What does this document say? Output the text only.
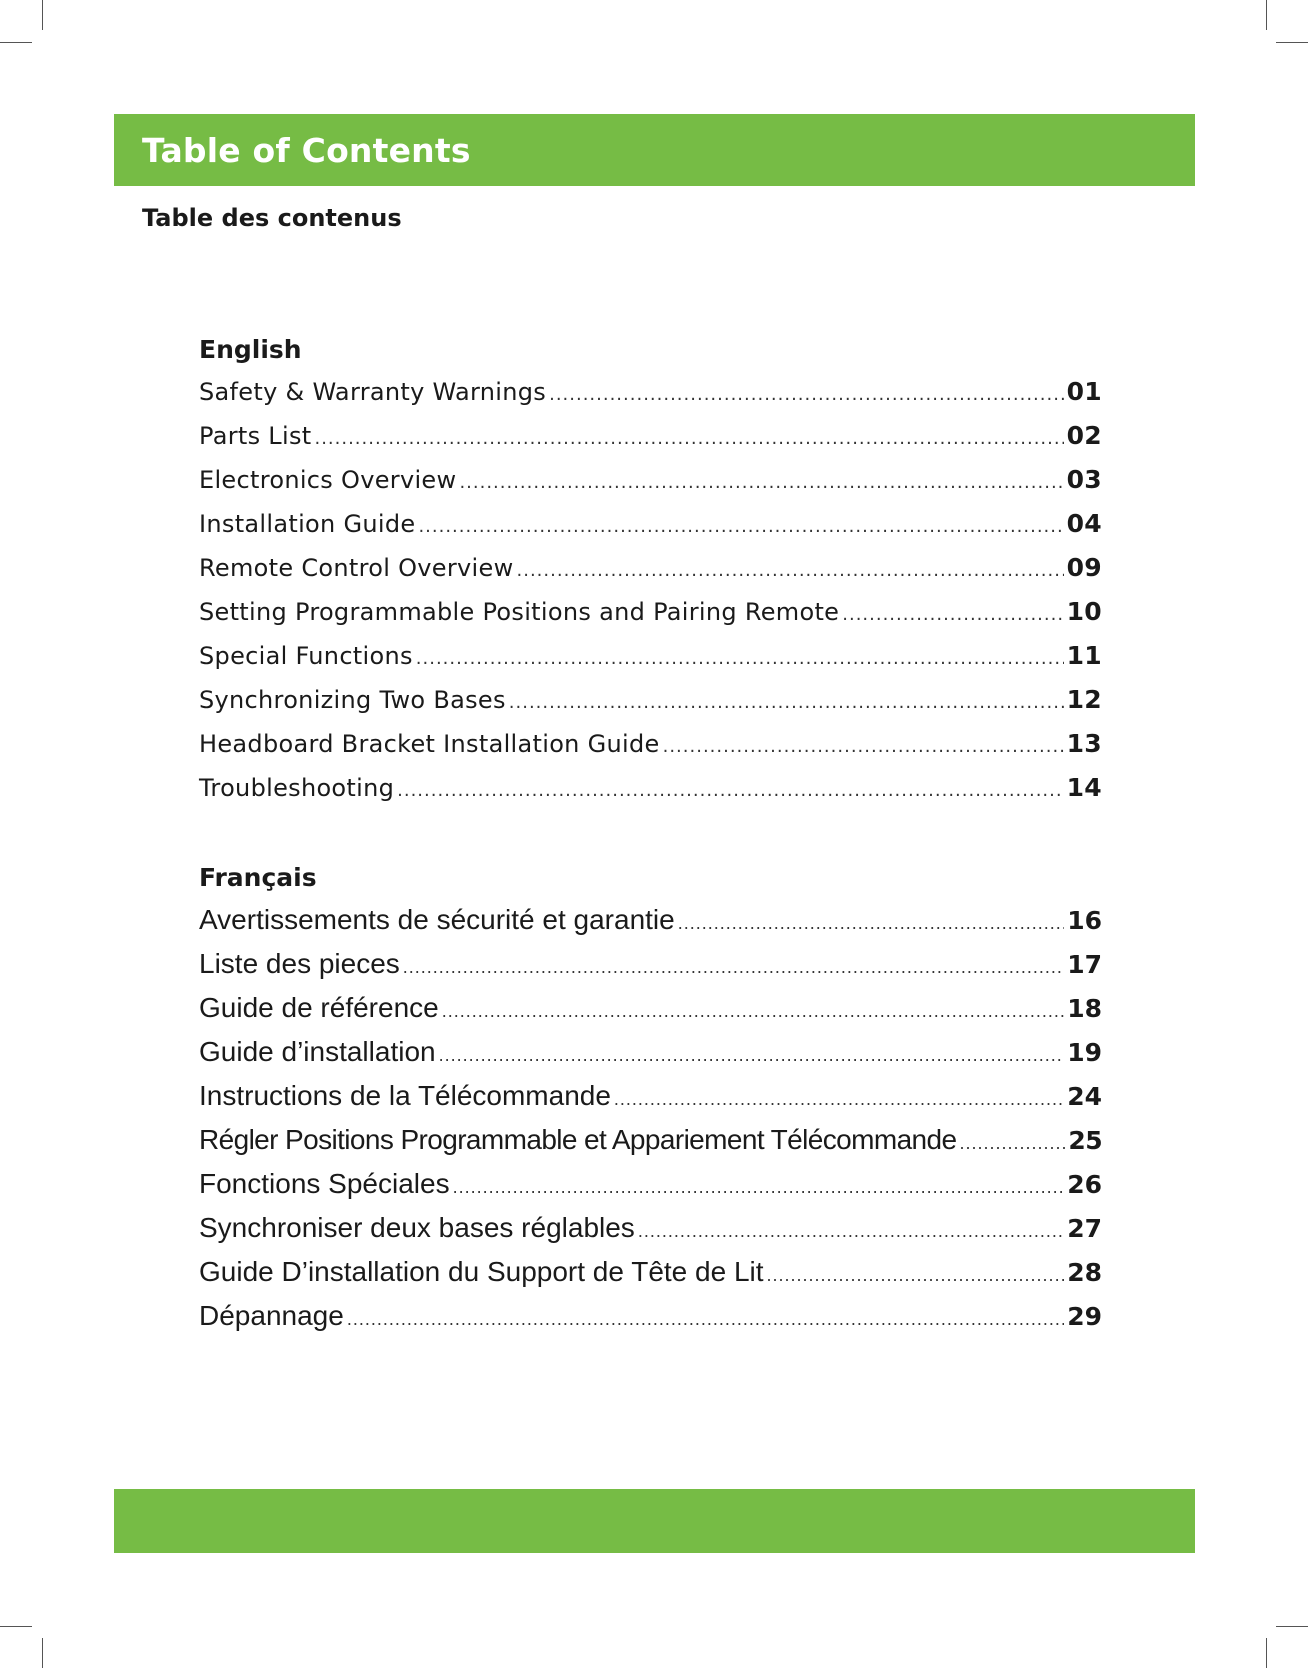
Table of Contents
Table des contenus
English
Safety & Warranty Warnings .....	01
Parts List .....	02
Electronics Overview .....	03
Installation Guide .....	04
Remote Control Overview .....	09
Setting Programmable Positions and Pairing Remote .....	10
Special Functions .....	11
Synchronizing Two Bases .....	12
Headboard Bracket Installation Guide .....	13
Troubleshooting .....	14
Français
Avertissements de sécurité et garantie .....	16
Liste des pieces .....	17
Guide de référence .....	18
Guide d’installation .....	19
Instructions de la Télécommande .....	24
Régler Positions Programmable et Appariement Télécommande .....	25
Fonctions Spéciales .....	26
Synchroniser deux bases réglables .....	27
Guide D’installation du Support de Tête de Lit .....	28
Dépannage .....	29
